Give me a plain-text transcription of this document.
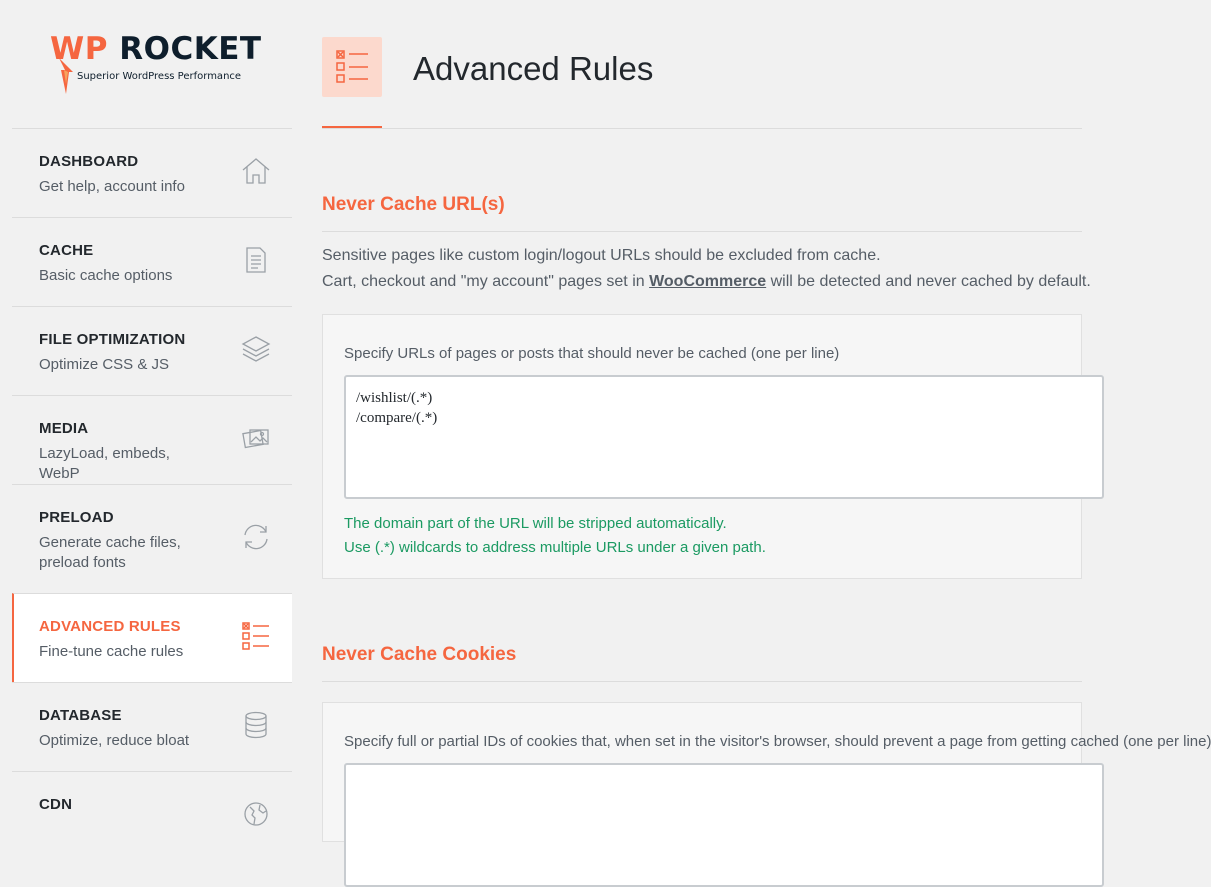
WP ROCKET
Superior WordPress Performance
DASHBOARD
Get help, account info
CACHE
Basic cache options
FILE OPTIMIZATION
Optimize CSS & JS
MEDIA
LazyLoad, embeds, WebP
PRELOAD
Generate cache files, preload fonts
ADVANCED RULES
Fine-tune cache rules
DATABASE
Optimize, reduce bloat
CDN
Advanced Rules
Never Cache URL(s)
Sensitive pages like custom login/logout URLs should be excluded from cache.
Cart, checkout and "my account" pages set in WooCommerce will be detected and never cached by default.
Specify URLs of pages or posts that should never be cached (one per line)
/wishlist/(.*)
/compare/(.*)
The domain part of the URL will be stripped automatically.
Use (.*) wildcards to address multiple URLs under a given path.
Never Cache Cookies
Specify full or partial IDs of cookies that, when set in the visitor's browser, should prevent a page from getting cached (one per line)
